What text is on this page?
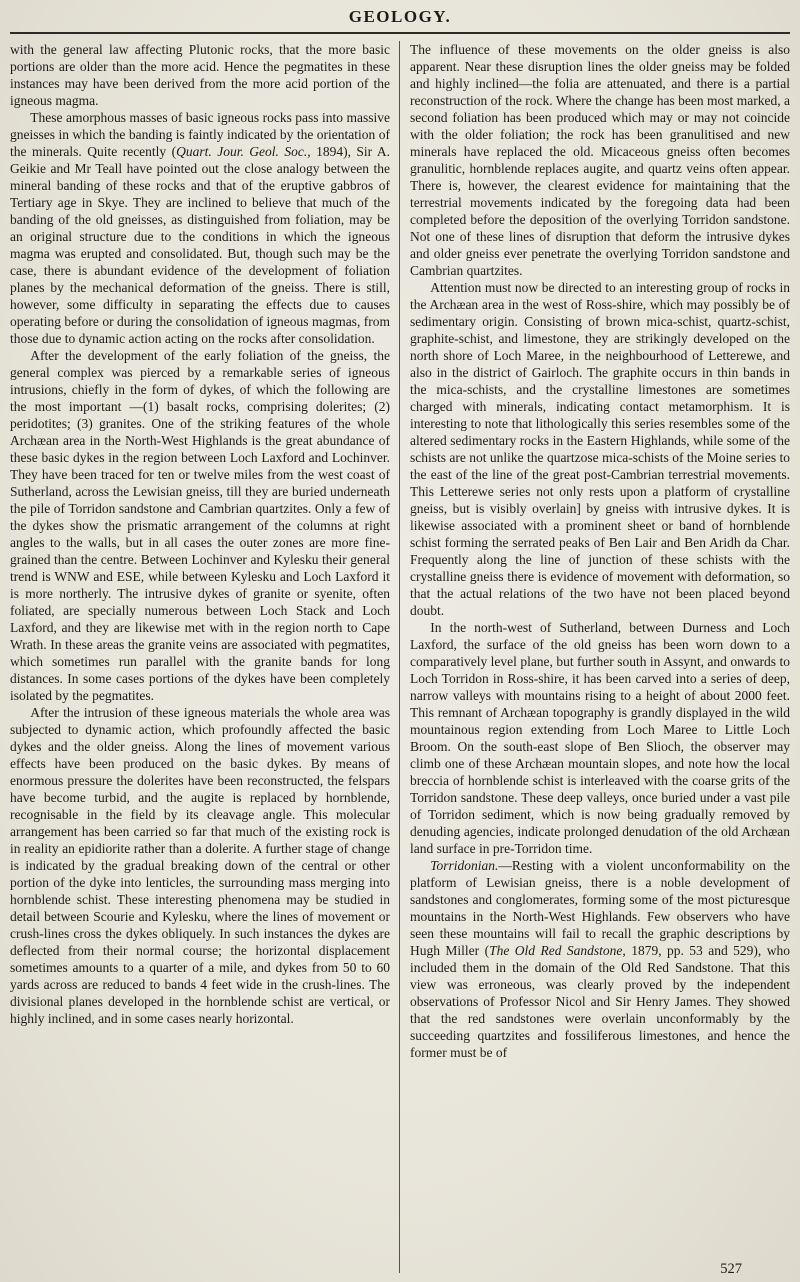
GEOLOGY.

with the general law affecting Plutonic rocks, that the more basic portions are older than the more acid. Hence the pegmatites in these instances may have been derived from the more acid portion of the igneous magma.

These amorphous masses of basic igneous rocks pass into massive gneisses in which the banding is faintly indicated by the orientation of the minerals. Quite recently (Quart. Jour. Geol. Soc., 1894), Sir A. Geikie and Mr Teall have pointed out the close analogy between the mineral banding of these rocks and that of the eruptive gabbros of Tertiary age in Skye. They are inclined to believe that much of the banding of the old gneisses, as distinguished from foliation, may be an original structure due to the conditions in which the igneous magma was erupted and consolidated. But, though such may be the case, there is abundant evidence of the development of foliation planes by the mechanical deformation of the gneiss. There is still, however, some difficulty in separating the effects due to causes operating before or during the consolidation of igneous magmas, from those due to dynamic action acting on the rocks after consolidation.

After the development of the early foliation of the gneiss, the general complex was pierced by a remarkable series of igneous intrusions, chiefly in the form of dykes, of which the following are the most important —(1) basalt rocks, comprising dolerites; (2) peridotites; (3) granites. One of the striking features of the whole Archæan area in the North-West Highlands is the great abundance of these basic dykes in the region between Loch Laxford and Lochinver. They have been traced for ten or twelve miles from the west coast of Sutherland, across the Lewisian gneiss, till they are buried underneath the pile of Torridon sandstone and Cambrian quartzites. Only a few of the dykes show the prismatic arrangement of the columns at right angles to the walls, but in all cases the outer zones are more fine-grained than the centre. Between Lochinver and Kylesku their general trend is WNW and ESE, while between Kylesku and Loch Laxford it is more northerly. The intrusive dykes of granite or syenite, often foliated, are specially numerous between Loch Stack and Loch Laxford, and they are likewise met with in the region north to Cape Wrath. In these areas the granite veins are associated with pegmatites, which sometimes run parallel with the granite bands for long distances. In some cases portions of the dykes have been completely isolated by the pegmatites.

After the intrusion of these igneous materials the whole area was subjected to dynamic action, which profoundly affected the basic dykes and the older gneiss. Along the lines of movement various effects have been produced on the basic dykes. By means of enormous pressure the dolerites have been reconstructed, the felspars have become turbid, and the augite is replaced by hornblende, recognisable in the field by its cleavage angle. This molecular arrangement has been carried so far that much of the existing rock is in reality an epidiorite rather than a dolerite. A further stage of change is indicated by the gradual breaking down of the central or other portion of the dyke into lenticles, the surrounding mass merging into hornblende schist. These interesting phenomena may be studied in detail between Scourie and Kylesku, where the lines of movement or crush-lines cross the dykes obliquely. In such instances the dykes are deflected from their normal course; the horizontal displacement sometimes amounts to a quarter of a mile, and dykes from 50 to 60 yards across are reduced to bands 4 feet wide in the crush-lines. The divisional planes developed in the hornblende schist are vertical, or highly inclined, and in some cases nearly horizontal.

The influence of these movements on the older gneiss is also apparent. Near these disruption lines the older gneiss may be folded and highly inclined—the folia are attenuated, and there is a partial reconstruction of the rock. Where the change has been most marked, a second foliation has been produced which may or may not coincide with the older foliation; the rock has been granulitised and new minerals have replaced the old. Micaceous gneiss often becomes granulitic, hornblende replaces augite, and quartz veins often appear. There is, however, the clearest evidence for maintaining that the terrestrial movements indicated by the foregoing data had been completed before the deposition of the overlying Torridon sandstone. Not one of these lines of disruption that deform the intrusive dykes and older gneiss ever penetrate the overlying Torridon sandstone and Cambrian quartzites.

Attention must now be directed to an interesting group of rocks in the Archæan area in the west of Ross-shire, which may possibly be of sedimentary origin. Consisting of brown mica-schist, quartz-schist, graphite-schist, and limestone, they are strikingly developed on the north shore of Loch Maree, in the neighbourhood of Letterewe, and also in the district of Gairloch. The graphite occurs in thin bands in the mica-schists, and the crystalline limestones are sometimes charged with minerals, indicating contact metamorphism. It is interesting to note that lithologically this series resembles some of the altered sedimentary rocks in the Eastern Highlands, while some of the schists are not unlike the quartzose mica-schists of the Moine series to the east of the line of the great post-Cambrian terrestrial movements. This Letterewe series not only rests upon a platform of crystalline gneiss, but is visibly overlain] by gneiss with intrusive dykes. It is likewise associated with a prominent sheet or band of hornblende schist forming the serrated peaks of Ben Lair and Ben Aridh da Char. Frequently along the line of junction of these schists with the crystalline gneiss there is evidence of movement with deformation, so that the actual relations of the two have not been placed beyond doubt.

In the north-west of Sutherland, between Durness and Loch Laxford, the surface of the old gneiss has been worn down to a comparatively level plane, but further south in Assynt, and onwards to Loch Torridon in Ross-shire, it has been carved into a series of deep, narrow valleys with mountains rising to a height of about 2000 feet. This remnant of Archæan topography is grandly displayed in the wild mountainous region extending from Loch Maree to Little Loch Broom. On the south-east slope of Ben Slioch, the observer may climb one of these Archæan mountain slopes, and note how the local breccia of hornblende schist is interleaved with the coarse grits of the Torridon sandstone. These deep valleys, once buried under a vast pile of Torridon sediment, which is now being gradually removed by denuding agencies, indicate prolonged denudation of the old Archæan land surface in pre-Torridon time.

Torridonian.—Resting with a violent unconformability on the platform of Lewisian gneiss, there is a noble development of sandstones and conglomerates, forming some of the most picturesque mountains in the North-West Highlands. Few observers who have seen these mountains will fail to recall the graphic descriptions by Hugh Miller (The Old Red Sandstone, 1879, pp. 53 and 529), who included them in the domain of the Old Red Sandstone. That this view was erroneous, was clearly proved by the independent observations of Professor Nicol and Sir Henry James. They showed that the red sandstones were overlain unconformably by the succeeding quartzites and fossiliferous limestones, and hence the former must be of

527
